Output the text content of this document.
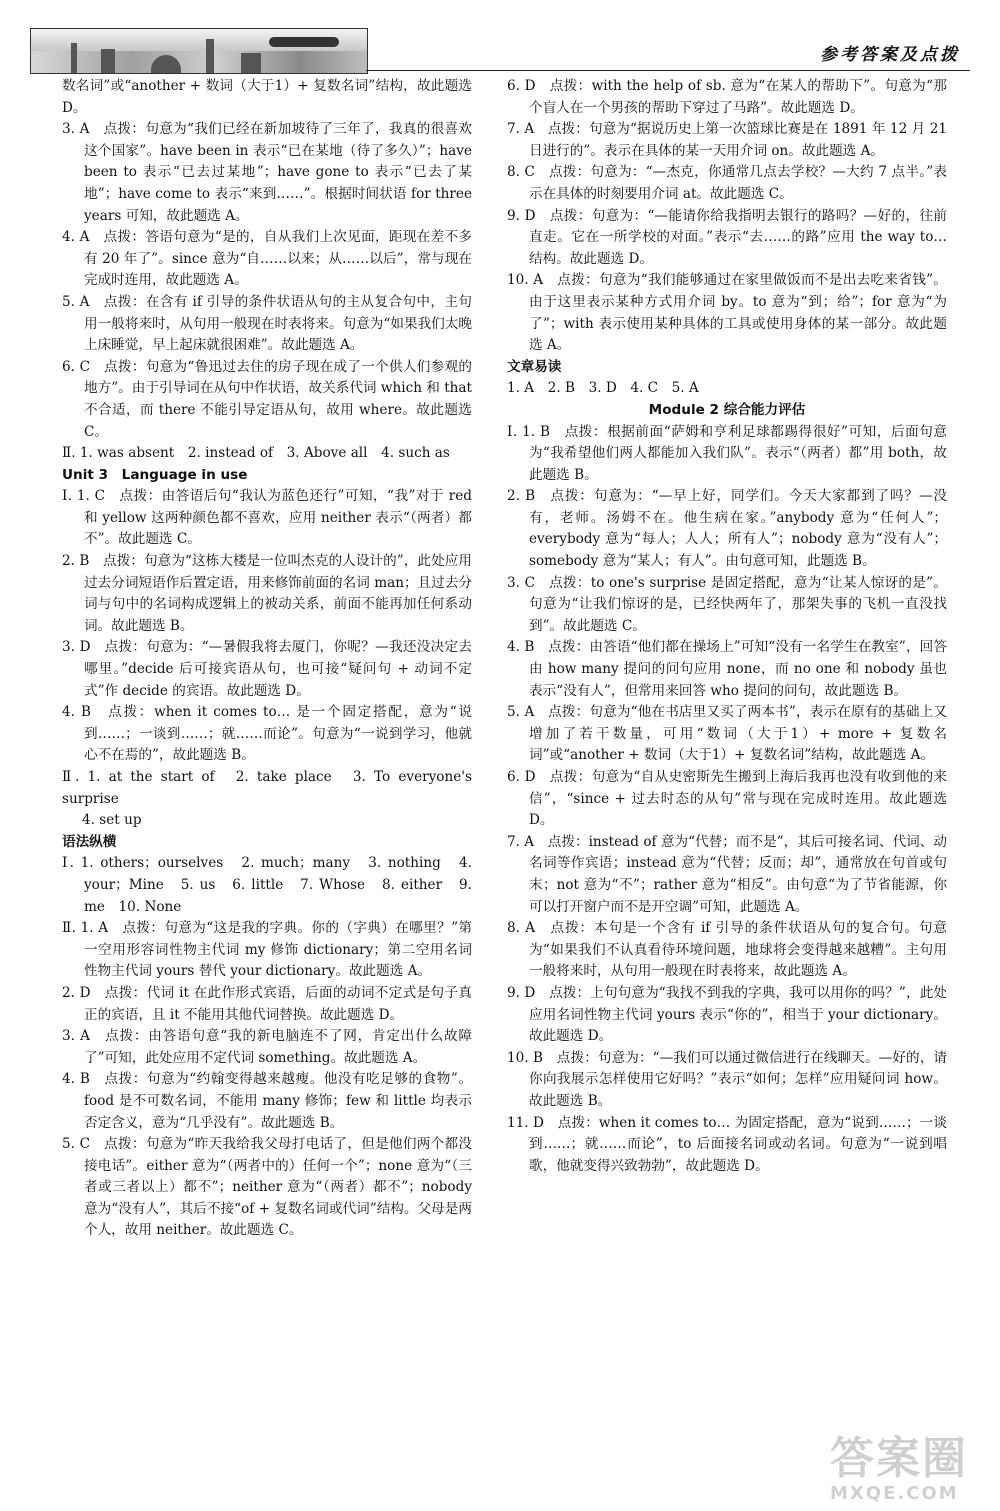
参考答案及点拨

数名词”或“another + 数词（大于1）+ 复数名词”结构，故此题选 D。

3. A　点拨：句意为“我们已经在新加坡待了三年了，我真的很喜欢这个国家”。have been in 表示“已在某地（待了多久）”；have been to 表示“已去过某地”；have gone to 表示“已去了某地”；have come to 表示“来到……”。根据时间状语 for three years 可知，故此题选 A。

4. A　点拨：答语句意为“是的，自从我们上次见面，距现在差不多有 20 年了”。since 意为“自……以来；从……以后”，常与现在完成时连用，故此题选 A。

5. A　点拨：在含有 if 引导的条件状语从句的主从复合句中，主句用一般将来时，从句用一般现在时表将来。句意为“如果我们太晚上床睡觉，早上起床就很困难”。故此题选 A。

6. C　点拨：句意为“鲁迅过去住的房子现在成了一个供人们参观的地方”。由于引导词在从句中作状语，故关系代词 which 和 that 不合适，而 there 不能引导定语从句，故用 where。故此题选 C。

Ⅱ. 1. was absent　2. instead of　3. Above all　4. such as

Unit 3　Language in use

Ⅰ. 1. C　点拨：由答语后句“我认为蓝色还行”可知，“我”对于 red 和 yellow 这两种颜色都不喜欢，应用 neither 表示“（两者）都不”。故此题选 C。

2. B　点拨：句意为“这栋大楼是一位叫杰克的人设计的”，此处应用过去分词短语作后置定语，用来修饰前面的名词 man；且过去分词与句中的名词构成逻辑上的被动关系，前面不能再加任何系动词。故此题选 B。

3. D　点拨：句意为：“—暑假我将去厦门，你呢？—我还没决定去哪里。”decide 后可接宾语从句，也可接“疑问句 + 动词不定式”作 decide 的宾语。故此题选 D。

4. B　点拨：when it comes to… 是一个固定搭配，意为“说到……；一谈到……；就……而论”。句意为“一说到学习，他就心不在焉的”，故此题选 B。

Ⅱ. 1. at the start of　2. take place　3. To everyone's surprise

4. set up

语法纵横

Ⅰ. 1. others；ourselves　2. much；many　3. nothing　4. your；Mine　5. us　6. little　7. Whose　8. either　9. me　10. None

Ⅱ. 1. A　点拨：句意为“这是我的字典。你的（字典）在哪里？”第一空用形容词性物主代词 my 修饰 dictionary；第二空用名词性物主代词 yours 替代 your dictionary。故此题选 A。

2. D　点拨：代词 it 在此作形式宾语，后面的动词不定式是句子真正的宾语，且 it 不能用其他代词替换。故此题选 D。

3. A　点拨：由答语句意“我的新电脑连不了网，肯定出什么故障了”可知，此处应用不定代词 something。故此题选 A。

4. B　点拨：句意为“约翰变得越来越瘦。他没有吃足够的食物”。food 是不可数名词，不能用 many 修饰；few 和 little 均表示否定含义，意为“几乎没有”。故此题选 B。

5. C　点拨：句意为“昨天我给我父母打电话了，但是他们两个都没接电话”。either 意为“（两者中的）任何一个”；none 意为“（三者或三者以上）都不”；neither 意为“（两者）都不”；nobody 意为“没有人”，其后不接“of + 复数名词或代词”结构。父母是两个人，故用 neither。故此题选 C。

6. D　点拨：with the help of sb. 意为“在某人的帮助下”。句意为“那个盲人在一个男孩的帮助下穿过了马路”。故此题选 D。

7. A　点拨：句意为“据说历史上第一次篮球比赛是在 1891 年 12 月 21 日进行的”。表示在具体的某一天用介词 on。故此题选 A。

8. C　点拨：句意为：“—杰克，你通常几点去学校？—大约 7 点半。”表示在具体的时刻要用介词 at。故此题选 C。

9. D　点拨：句意为：“—能请你给我指明去银行的路吗？—好的，往前直走。它在一所学校的对面。”表示“去……的路”应用 the way to… 结构。故此题选 D。

10. A　点拨：句意为“我们能够通过在家里做饭而不是出去吃来省钱”。由于这里表示某种方式用介词 by。to 意为“到；给”；for 意为“为了”；with 表示使用某种具体的工具或使用身体的某一部分。故此题选 A。

文章易读

1. A　2. B　3. D　4. C　5. A

Module 2 综合能力评估

Ⅰ. 1. B　点拨：根据前面“萨姆和亨利足球都踢得很好”可知，后面句意为“我希望他们两人都能加入我们队”。表示“（两者）都”用 both，故此题选 B。

2. B　点拨：句意为：“—早上好，同学们。今天大家都到了吗？—没有，老师。汤姆不在。他生病在家。”anybody 意为“任何人”；everybody 意为“每人；人人；所有人”；nobody 意为“没有人”；somebody 意为“某人；有人”。由句意可知，此题选 B。

3. C　点拨：to one's surprise 是固定搭配，意为“让某人惊讶的是”。句意为“让我们惊讶的是，已经快两年了，那架失事的飞机一直没找到”。故此题选 C。

4. B　点拨：由答语“他们都在操场上”可知“没有一名学生在教室”，回答由 how many 提问的问句应用 none，而 no one 和 nobody 虽也表示“没有人”，但常用来回答 who 提问的问句，故此题选 B。

5. A　点拨：句意为“他在书店里又买了两本书”，表示在原有的基础上又增加了若干数量，可用“数词（大于1）+ more + 复数名词”或“another + 数词（大于1）+ 复数名词”结构，故此题选 A。

6. D　点拨：句意为“自从史密斯先生搬到上海后我再也没有收到他的来信”，“since + 过去时态的从句”常与现在完成时连用。故此题选 D。

7. A　点拨：instead of 意为“代替；而不是”，其后可接名词、代词、动名词等作宾语；instead 意为“代替；反而；却”，通常放在句首或句末；not 意为“不”；rather 意为“相反”。由句意“为了节省能源，你可以打开窗户而不是开空调”可知，此题选 A。

8. A　点拨：本句是一个含有 if 引导的条件状语从句的复合句。句意为“如果我们不认真看待环境问题，地球将会变得越来越糟”。主句用一般将来时，从句用一般现在时表将来，故此题选 A。

9. D　点拨：上句句意为“我找不到我的字典，我可以用你的吗？”，此处应用名词性物主代词 yours 表示“你的”，相当于 your dictionary。故此题选 D。

10. B　点拨：句意为：“—我们可以通过微信进行在线聊天。—好的，请你向我展示怎样使用它好吗？”表示“如何；怎样”应用疑问词 how。故此题选 B。

11. D　点拨：when it comes to… 为固定搭配，意为“说到……；一谈到……；就……而论”，to 后面接名词或动名词。句意为“一说到唱歌，他就变得兴致勃勃”，故此题选 D。

答案圈
MXQE.COM
